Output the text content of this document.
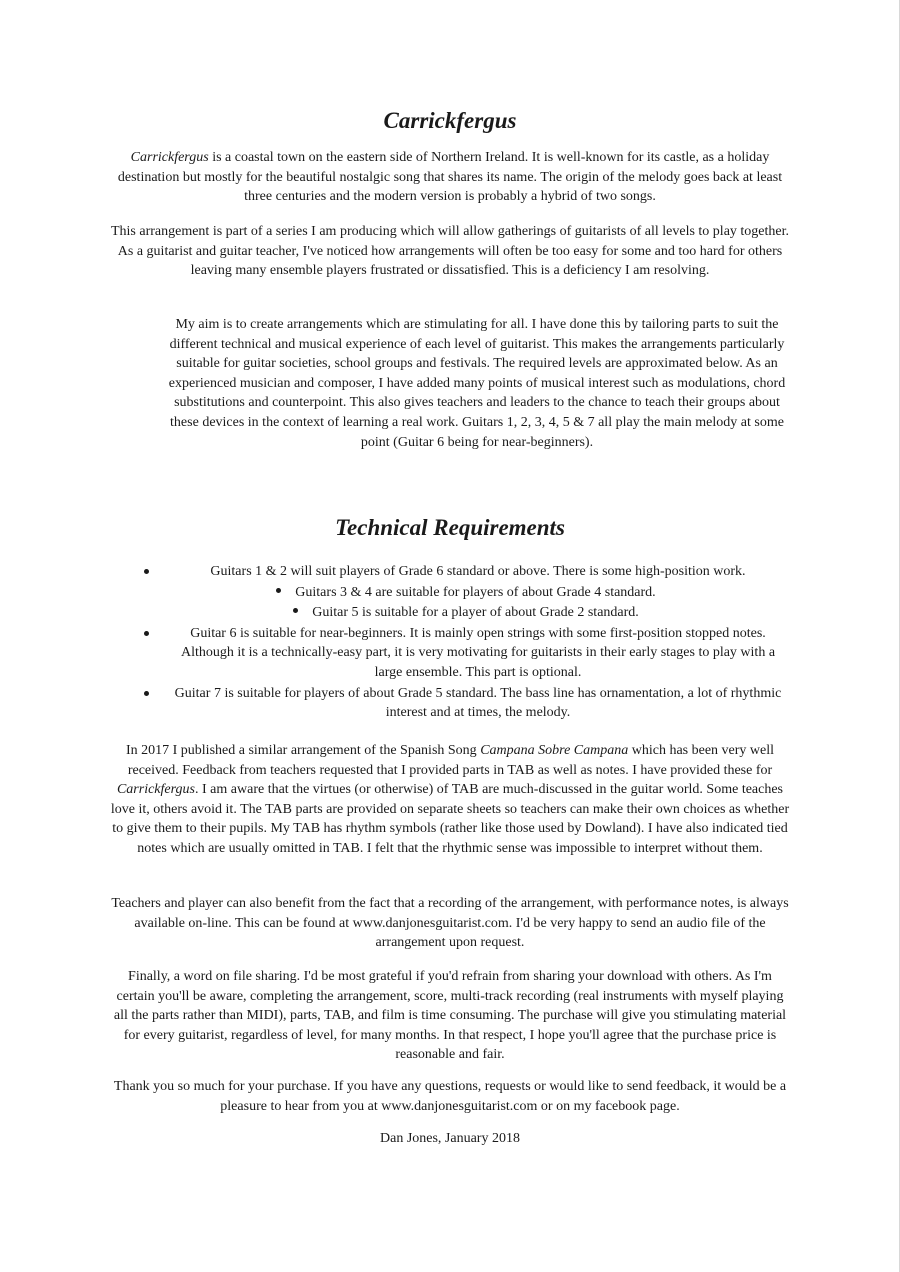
Carrickfergus

Carrickfergus is a coastal town on the eastern side of Northern Ireland. It is well-known for its castle, as a holiday destination but mostly for the beautiful nostalgic song that shares its name. The origin of the melody goes back at least three centuries and the modern version is probably a hybrid of two songs.

This arrangement is part of a series I am producing which will allow gatherings of guitarists of all levels to play together. As a guitarist and guitar teacher, I've noticed how arrangements will often be too easy for some and too hard for others leaving many ensemble players frustrated or dissatisfied. This is a deficiency I am resolving.

My aim is to create arrangements which are stimulating for all. I have done this by tailoring parts to suit the different technical and musical experience of each level of guitarist. This makes the arrangements particularly suitable for guitar societies, school groups and festivals. The required levels are approximated below. As an experienced musician and composer, I have added many points of musical interest such as modulations, chord substitutions and counterpoint. This also gives teachers and leaders to the chance to teach their groups about these devices in the context of learning a real work. Guitars 1, 2, 3, 4, 5 & 7 all play the main melody at some point (Guitar 6 being for near-beginners).

Technical Requirements
Guitars 1 & 2 will suit players of Grade 6 standard or above. There is some high-position work.
Guitars 3 & 4 are suitable for players of about Grade 4 standard.
Guitar 5 is suitable for a player of about Grade 2 standard.
Guitar 6 is suitable for near-beginners. It is mainly open strings with some first-position stopped notes. Although it is a technically-easy part, it is very motivating for guitarists in their early stages to play with a large ensemble. This part is optional.
Guitar 7 is suitable for players of about Grade 5 standard. The bass line has ornamentation, a lot of rhythmic interest and at times, the melody.

In 2017 I published a similar arrangement of the Spanish Song Campana Sobre Campana which has been very well received. Feedback from teachers requested that I provided parts in TAB as well as notes. I have provided these for Carrickfergus. I am aware that the virtues (or otherwise) of TAB are much-discussed in the guitar world. Some teaches love it, others avoid it. The TAB parts are provided on separate sheets so teachers can make their own choices as whether to give them to their pupils. My TAB has rhythm symbols (rather like those used by Dowland). I have also indicated tied notes which are usually omitted in TAB. I felt that the rhythmic sense was impossible to interpret without them.

Teachers and player can also benefit from the fact that a recording of the arrangement, with performance notes, is always available on-line. This can be found at www.danjonesguitarist.com. I'd be very happy to send an audio file of the arrangement upon request.

Finally, a word on file sharing. I'd be most grateful if you'd refrain from sharing your download with others. As I'm certain you'll be aware, completing the arrangement, score, multi-track recording (real instruments with myself playing all the parts rather than MIDI), parts, TAB, and film is time consuming. The purchase will give you stimulating material for every guitarist, regardless of level, for many months. In that respect, I hope you'll agree that the purchase price is reasonable and fair.

Thank you so much for your purchase. If you have any questions, requests or would like to send feedback, it would be a pleasure to hear from you at www.danjonesguitarist.com or on my facebook page.

Dan Jones, January 2018
